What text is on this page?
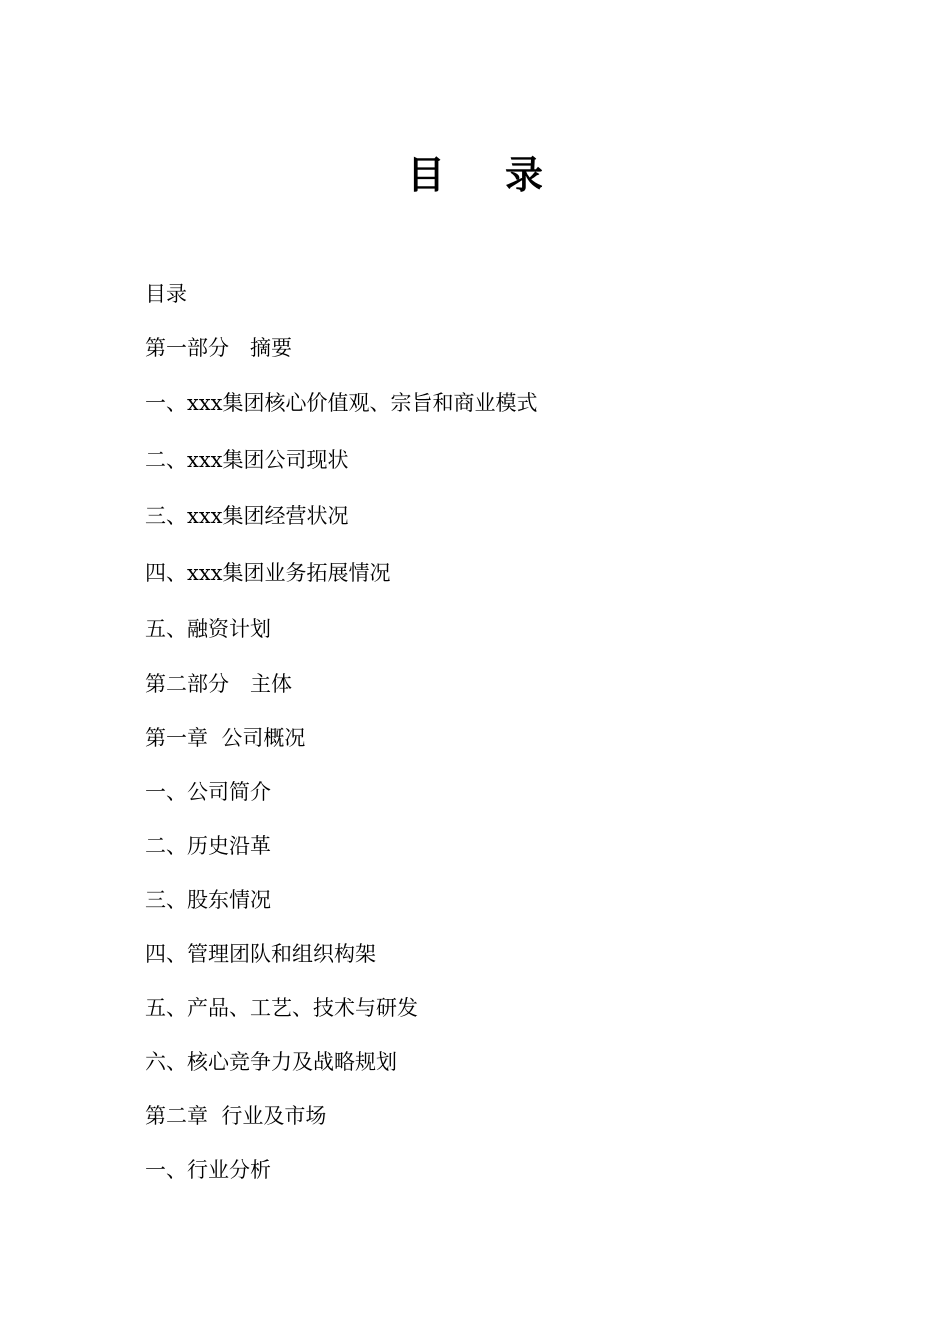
目 录
目录
第一部分　摘要
一、xxx集团核心价值观、宗旨和商业模式
二、xxx集团公司现状
三、xxx集团经营状况
四、xxx集团业务拓展情况
五、融资计划
第二部分　主体
第一章  公司概况
一、公司简介
二、历史沿革
三、股东情况
四、管理团队和组织构架
五、产品、工艺、技术与研发
六、核心竞争力及战略规划
第二章  行业及市场
一、行业分析
